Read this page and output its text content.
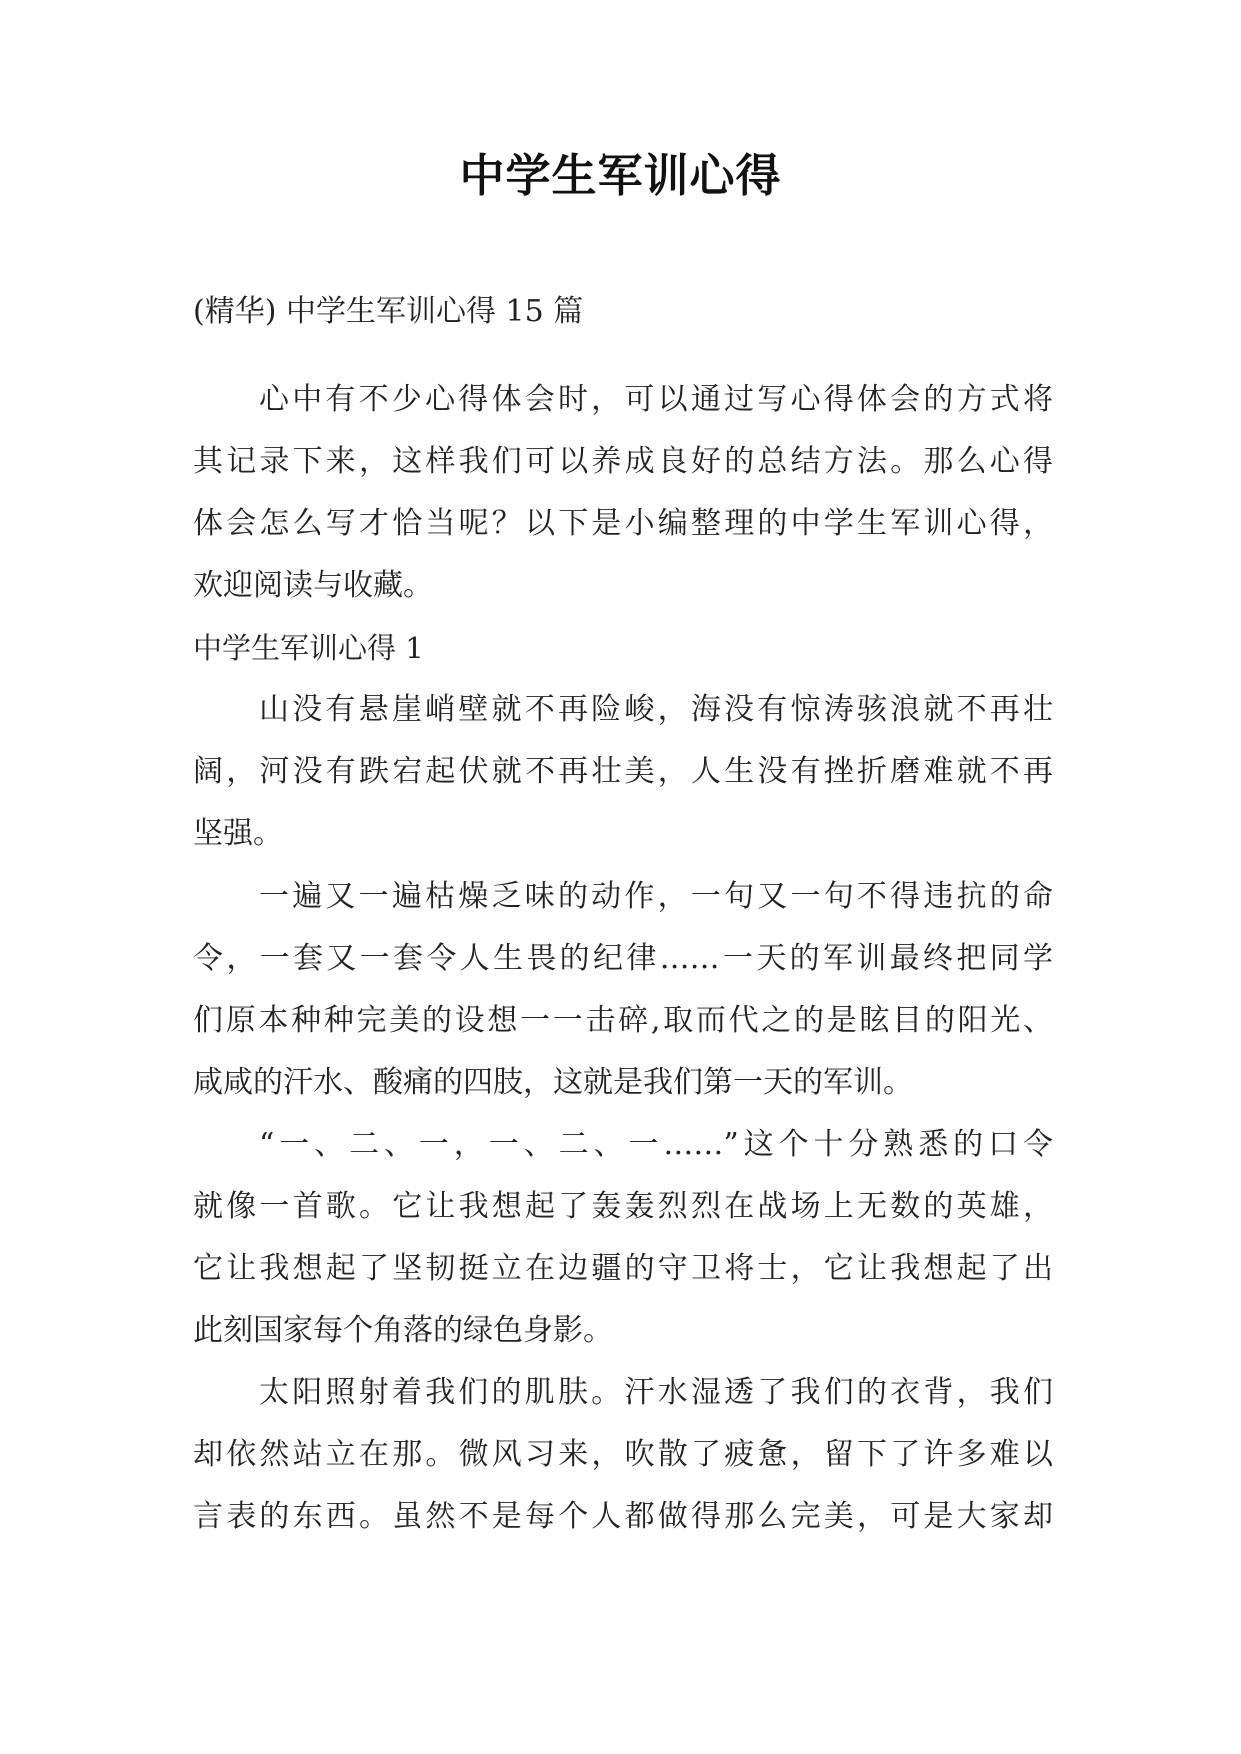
中学生军训心得
(精华) 中学生军训心得 15 篇
心中有不少心得体会时，可以通过写心得体会的方式将
其记录下来，这样我们可以养成良好的总结方法。那么心得
体会怎么写才恰当呢？以下是小编整理的中学生军训心得，
欢迎阅读与收藏。
中学生军训心得 1
山没有悬崖峭壁就不再险峻，海没有惊涛骇浪就不再壮
阔，河没有跌宕起伏就不再壮美，人生没有挫折磨难就不再
坚强。
一遍又一遍枯燥乏味的动作，一句又一句不得违抗的命
令，一套又一套令人生畏的纪律……一天的军训最终把同学
们原本种种完美的设想一一击碎,取而代之的是眩目的阳光、
咸咸的汗水、酸痛的四肢，这就是我们第一天的军训。
“一、二、一，一、二、一……”这个十分熟悉的口令
就像一首歌。它让我想起了轰轰烈烈在战场上无数的英雄，
它让我想起了坚韧挺立在边疆的守卫将士，它让我想起了出
此刻国家每个角落的绿色身影。
太阳照射着我们的肌肤。汗水湿透了我们的衣背，我们
却依然站立在那。微风习来，吹散了疲惫，留下了许多难以
言表的东西。虽然不是每个人都做得那么完美，可是大家却
